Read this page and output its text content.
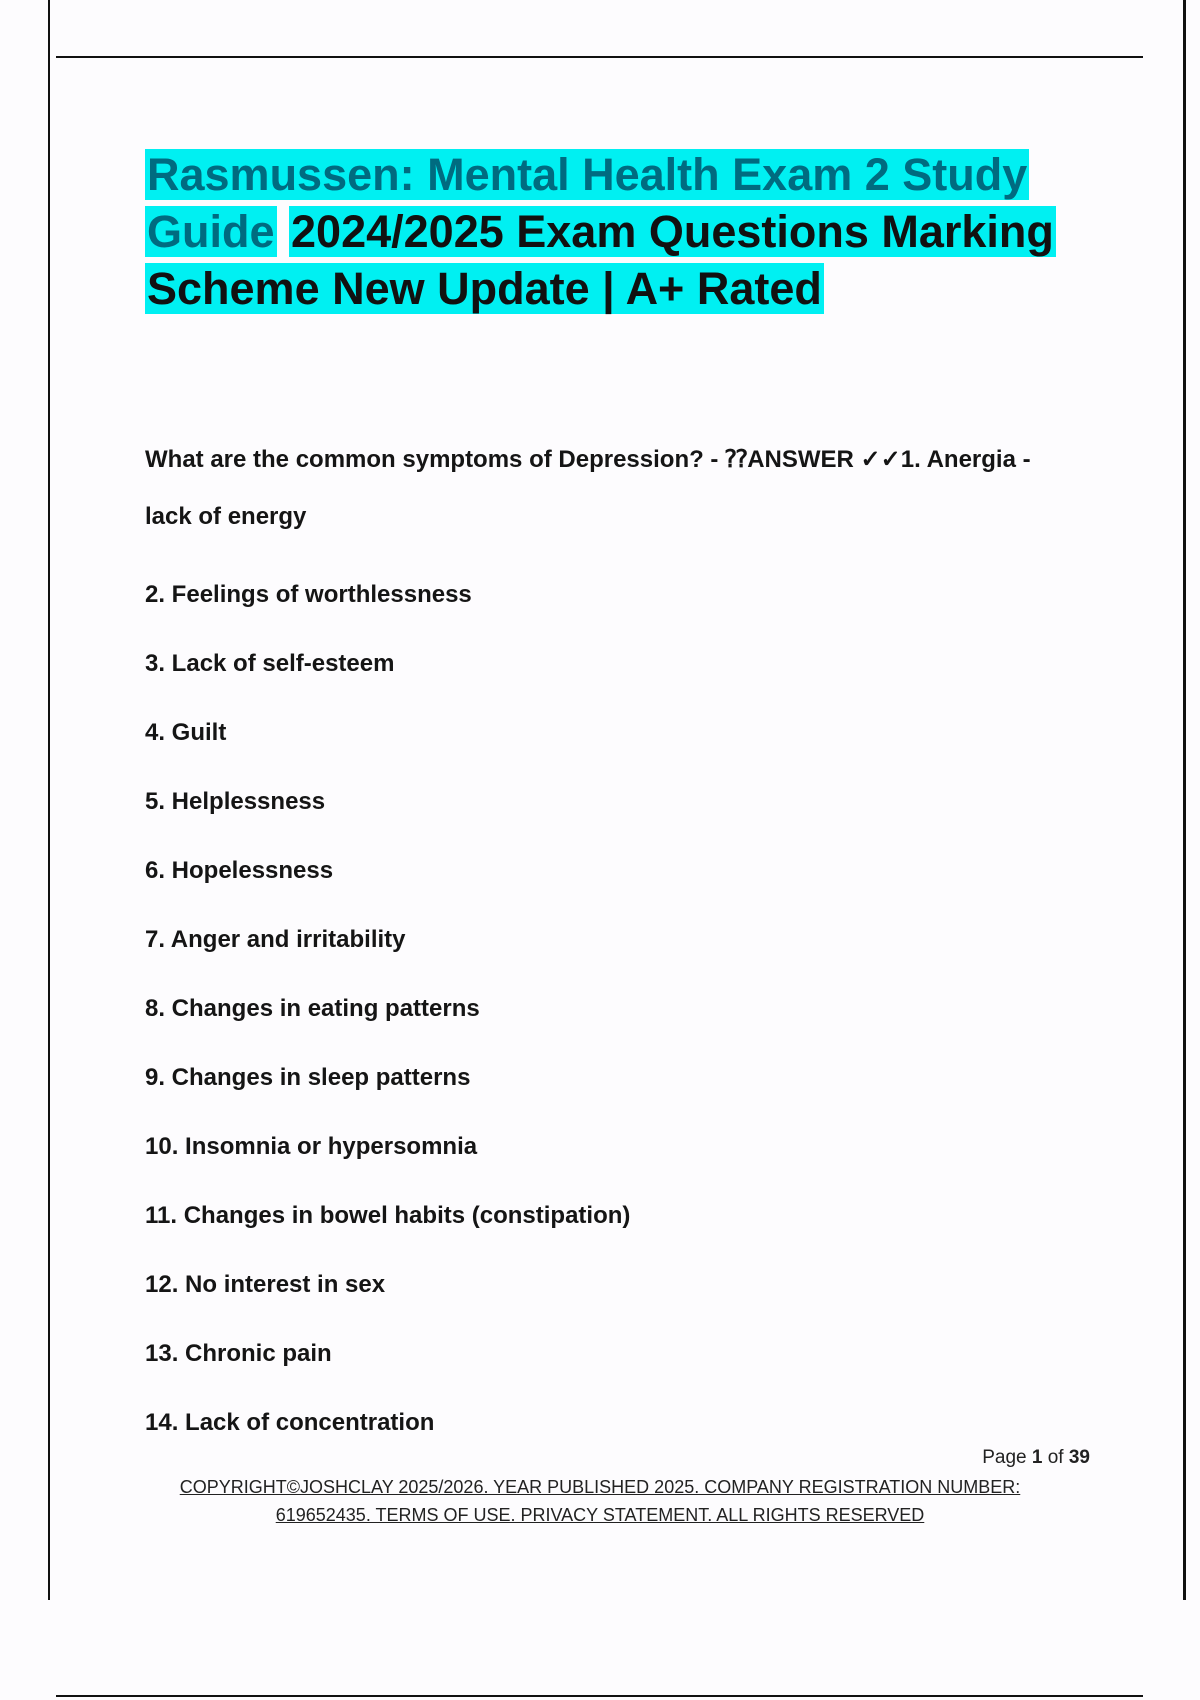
Rasmussen: Mental Health Exam 2 Study Guide 2024/2025 Exam Questions Marking Scheme New Update | A+ Rated
What are the common symptoms of Depression? - ⁇ANSWER ✓✓1. Anergia -
lack of energy
2. Feelings of worthlessness
3. Lack of self-esteem
4. Guilt
5. Helplessness
6. Hopelessness
7. Anger and irritability
8. Changes in eating patterns
9. Changes in sleep patterns
10. Insomnia or hypersomnia
11. Changes in bowel habits (constipation)
12. No interest in sex
13. Chronic pain
14. Lack of concentration
Page 1 of 39
COPYRIGHT©JOSHCLAY 2025/2026. YEAR PUBLISHED 2025. COMPANY REGISTRATION NUMBER:
619652435. TERMS OF USE. PRIVACY STATEMENT. ALL RIGHTS RESERVED
